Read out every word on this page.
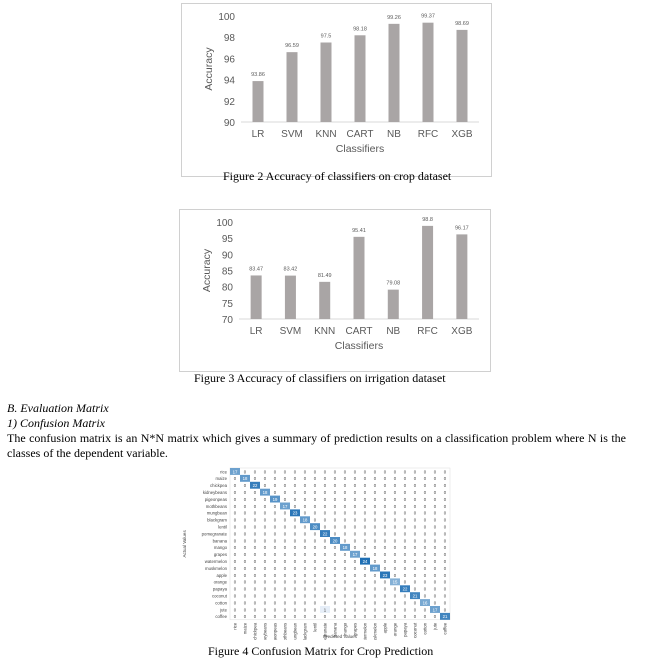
90
92
94
96
98
100
93.86
LR
96.59
SVM
97.5
KNN
98.18
CART
99.26
NB
99.37
RFC
98.69
XGB
Classifiers
Accuracy
Figure 2 Accuracy of classifiers on crop dataset
70
75
80
85
90
95
100
83.47
LR
83.42
SVM
81.49
KNN
95.41
CART
79.08
NB
98.8
RFC
96.17
XGB
Classifiers
Accuracy
Figure 3 Accuracy of classifiers on irrigation dataset
B. Evaluation Matrix
1) Confusion Matrix
The confusion matrix is an N*N matrix which gives a summary of prediction results on a classification problem where N is the classes of the dependent variable.
17 0 0 0 0 0 0 0 0 0 0 0 0 0 0 0 0 0 0 0 0 0
0 18 0 0 0 0 0 0 0 0 0 0 0 0 0 0 0 0 0 0 0 0
0 0 22 0 0 0 0 0 0 0 0 0 0 0 0 0 0 0 0 0 0 0
0 0 0 18 0 0 0 0 0 0 0 0 0 0 0 0 0 0 0 0 0 0
0 0 0 0 19 0 0 0 0 0 0 0 0 0 0 0 0 0 0 0 0 0
0 0 0 0 0 17 0 0 0 0 0 0 0 0 0 0 0 0 0 0 0 0
0 0 0 0 0 0 23 0 0 0 0 0 0 0 0 0 0 0 0 0 0 0
0 0 0 0 0 0 0 18 0 0 0 0 0 0 0 0 0 0 0 0 0 0
0 0 0 0 0 0 0 0 20 0 0 0 0 0 0 0 0 0 0 0 0 0
0 0 0 0 0 0 0 0 0 22 0 0 0 0 0 0 0 0 0 0 0 0
0 0 0 0 0 0 0 0 0 0 20 0 0 0 0 0 0 0 0 0 0 0
0 0 0 0 0 0 0 0 0 0 0 18 0 0 0 0 0 0 0 0 0 0
0 0 0 0 0 0 0 0 0 0 0 0 17 0 0 0 0 0 0 0 0 0
0 0 0 0 0 0 0 0 0 0 0 0 0 24 0 0 0 0 0 0 0 0
0 0 0 0 0 0 0 0 0 0 0 0 0 0 18 0 0 0 0 0 0 0
0 0 0 0 0 0 0 0 0 0 0 0 0 0 0 23 0 0 0 0 0 0
0 0 0 0 0 0 0 0 0 0 0 0 0 0 0 0 15 0 0 0 0 0
0 0 0 0 0 0 0 0 0 0 0 0 0 0 0 0 0 22 0 0 0 0
0 0 0 0 0 0 0 0 0 0 0 0 0 0 0 0 0 0 21 0 0 0
0 0 0 0 0 0 0 0 0 0 0 0 0 0 0 0 0 0 0 16 0 0
0 0 0 0 0 0 0 0 0 1 0 0 0 0 0 0 0 0 0 0 17 0
0 0 0 0 0 0 0 0 0 0 0 0 0 0 0 0 0 0 0 0 0 21
rice
maize
chickpea
kidneybeans
pigeonpeas
mothbeans
mungbean
blackgram
lentil
pomegranate
banana
mango
grapes
watermelon
muskmelon
apple
orange
papaya
coconut
cotton
jute
coffee
rice maize chickpea kidneybeans pigeonpeas mothbeans mungbean blackgram lentil pomegranate banana mango grapes watermelon muskmelon apple orange papaya coconut cotton jute coffee
Predicted Values
Actual Values
Figure 4 Confusion Matrix for Crop Prediction
